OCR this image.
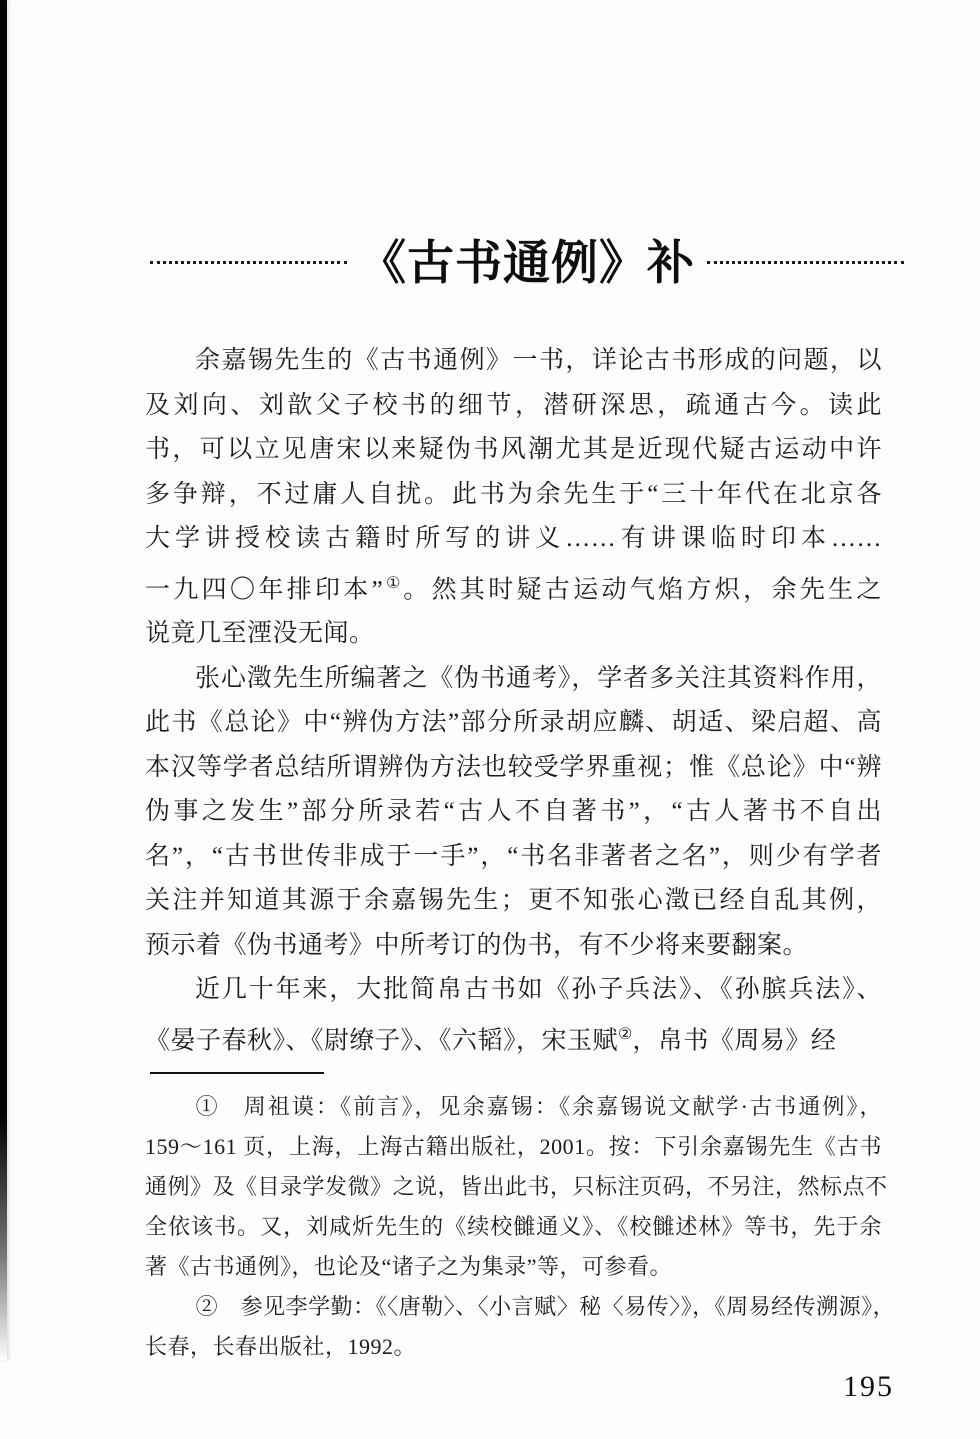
《古书通例》补
余嘉锡先生的《古书通例》一书，详论古书形成的问题，以
及刘向、刘歆父子校书的细节，潜研深思，疏通古今。读此
书，可以立见唐宋以来疑伪书风潮尤其是近现代疑古运动中许
多争辩，不过庸人自扰。此书为余先生于“三十年代在北京各
大学讲授校读古籍时所写的讲义……有讲课临时印本……
一九四〇年排印本”①。然其时疑古运动气焰方炽，余先生之
说竟几至湮没无闻。
张心澂先生所编著之《伪书通考》，学者多关注其资料作用，
此书《总论》中“辨伪方法”部分所录胡应麟、胡适、梁启超、高
本汉等学者总结所谓辨伪方法也较受学界重视；惟《总论》中“辨
伪事之发生”部分所录若“古人不自著书”，“古人著书不自出
名”，“古书世传非成于一手”，“书名非著者之名”，则少有学者
关注并知道其源于余嘉锡先生；更不知张心澂已经自乱其例，
预示着《伪书通考》中所考订的伪书，有不少将来要翻案。
近几十年来，大批简帛古书如《孙子兵法》、《孙膑兵法》、
《晏子春秋》、《尉缭子》、《六韬》，宋玉赋②，帛书《周易》经
①　周祖谟：《前言》，见余嘉锡：《余嘉锡说文献学·古书通例》，
159～161 页，上海，上海古籍出版社，2001。按：下引余嘉锡先生《古书
通例》及《目录学发微》之说，皆出此书，只标注页码，不另注，然标点不
全依该书。又，刘咸炘先生的《续校雠通义》、《校雠述林》等书，先于余
著《古书通例》，也论及“诸子之为集录”等，可参看。
②　参见李学勤：《〈唐勒〉、〈小言赋〉秘〈易传〉》，《周易经传溯源》，
长春，长春出版社，1992。
195
